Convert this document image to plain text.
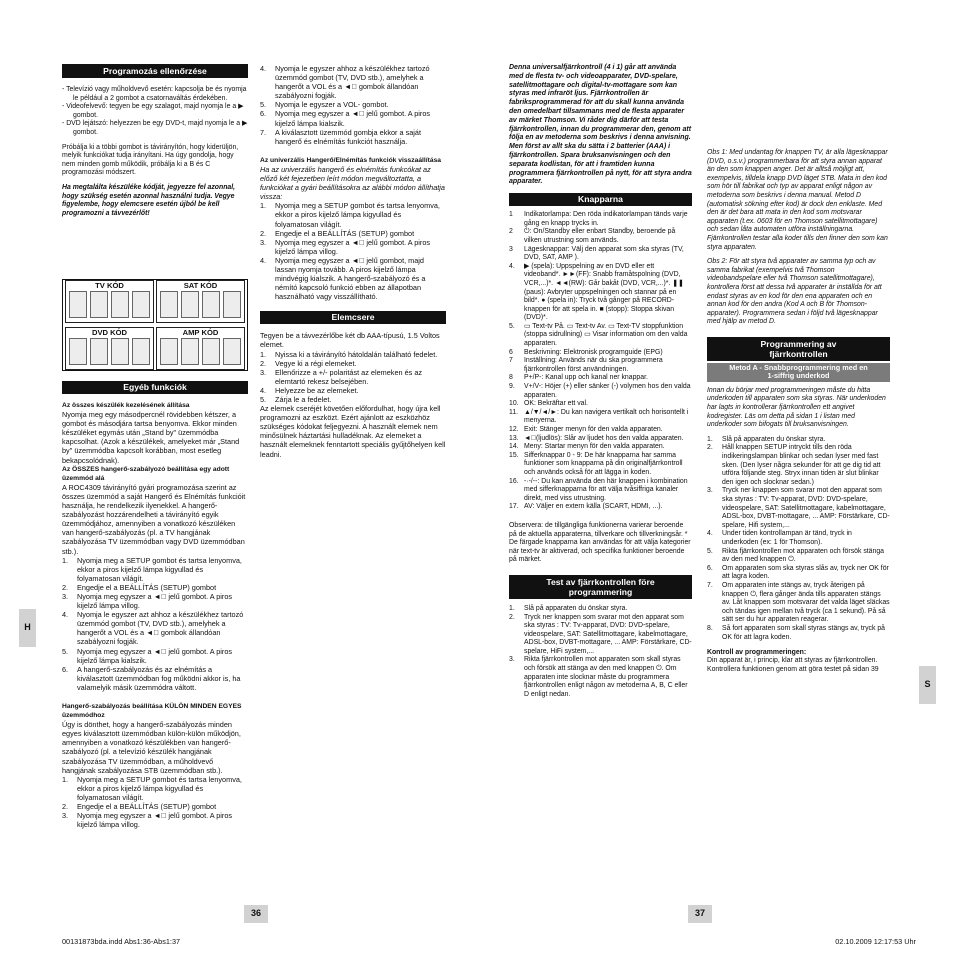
Programozás ellenőrzése

- Televízió vagy műholdvevő esetén: kapcsolja be és nyomja le például a 2 gombot a csatornaváltás érdekében.

- Videofelvevő: tegyen be egy szalagot, majd nyomja le a ▶ gombot.

- DVD lejátszó: helyezzen be egy DVD-t, majd nyomja le a ▶ gombot.

Próbálja ki a többi gombot is távirányítón, hogy kiderüljön, melyik funkciókat tudja irányítani. Ha úgy gondolja, hogy nem minden gomb működik, próbálja ki a B és C programozási módszert.

Ha megtalálta készüléke kódját, jegyezze fel azonnal, hogy szükség esetén azonnal használni tudja. Vegye figyelembe, hogy elemcsere esetén újból be kell programozni a távvezérlőt!

TV KÓD	SAT KÓD
DVD KÓD	AMP KÓD
Egyéb funkciók

Az összes készülék kezelésének állítása

Nyomja meg egy másodpercnél rövidebben kétszer, a gombot és másodjára tartsa benyomva. Ekkor minden készüléket egymás után „Stand by" üzemmódba kapcsolhat. (Azok a készülékek, amelyeket már „Stand by" üzemmódba kapcsolt korábban, most esetleg bekapcsolódnak).

Az ÖSSZES hangerő-szabályozó beállítása egy adott üzemmód alá

A ROC4309 távirányító gyári programozása szerint az összes üzemmód a saját Hangerő és Elnémítás funkcióit használja, he rendelkezik ilyenekkel. A hangerő-szabályozást hozzárendelheti a távirányító egyik üzemmódjához, amennyiben a vonatkozó készüléken van hangerő-szabályozás (pl. a TV hangjának szabályozása TV üzemmódban vagy DVD üzemmódban stb.).

1.	Nyomja meg a SETUP gombot és tartsa lenyomva, ekkor a piros kijelző lámpa kigyullad és folyamatosan világít.
2.	Engedje el a BEÁLLÍTÁS (SETUP) gombot
3.	Nyomja meg egyszer a ◄⃞ jelű gombot. A piros kijelző lámpa villog.
4.	Nyomja le egyszer azt ahhoz a készülékhez tartozó üzemmód gombot (TV, DVD stb.), amelyhek a hangerőt a VOL és a ◄⃞ gombok állandóan szabályozni fogják.
5.	Nyomja meg egyszer a ◄⃞ jelű gombot. A piros kijelző lámpa kialszik.
6.	A hangerő-szabályozás és az elnémítás a kiválasztott üzemmódban fog működni akkor is, ha valamelyik másik üzemmódra váltott.

Hangerő-szabályozás beállítása KÜLÖN MINDEN EGYES üzemmódhoz

Úgy is dönthet, hogy a hangerő-szabályozás minden egyes kiválasztott üzemmódban külön-külön működjön, amennyiben a vonatkozó készülékben van hangerő-szabályozó (pl. a televízió készülék hangjának szabályozása TV üzemmódban, a műholdvevő hangjának szabályozása STB üzemmódban stb.).

1.	Nyomja meg a SETUP gombot és tartsa lenyomva, ekkor a piros kijelző lámpa kigyullad és folyamatosan világít.
2.	Engedje el a BEÁLLÍTÁS (SETUP) gombot
3.	Nyomja meg egyszer a ◄⃞ jelű gombot. A piros kijelző lámpa villog.
4.	Nyomja le egyszer ahhoz a készülékhez tartozó üzemmód gombot (TV, DVD stb.), amelyhek a hangerőt a VOL és a ◄⃞ gombok állandóan szabályozni fogják.
5.	Nyomja le egyszer a VOL- gombot.
6.	Nyomja meg egyszer a ◄⃞ jelű gombot. A piros kijelző lámpa kialszik.
7.	A kiválasztott üzemmód gombja ekkor a saját hangerő és elnémítás funkciót használja.

Az univerzális Hangerő/Elnémítás funkciók visszaállítása

Ha az univerzális hangerő és elnémítás funkcókat az előző két fejezetben leírt módon megváltoztatta, a funkciókat a gyári beállításokra az alábbi módon állíthatja vissza:

1.	Nyomja meg a SETUP gombot és tartsa lenyomva, ekkor a piros kijelző lámpa kigyullad és folyamatosan világít.
2.	Engedje el a BEÁLLÍTÁS (SETUP) gombot
3.	Nyomja meg egyszer a ◄⃞ jelű gombot. A piros kijelző lámpa villog.
4.	Nyomja meg egyszer a ◄⃞ jelű gombot, majd lassan nyomja tovább. A piros kijelző lámpa mindvégig kialszik. A hangerő-szabályozó és a némító kapcsoló funkció ebben az állapotban használható vagy visszállítható.
Elemcsere

Tegyen be a távvezérlőbe két db AAA-típusú, 1.5 Voltos elemet.

1.	Nyissa ki a távirányító hátoldalán található fedelet.
2.	Vegye ki a régi elemeket.
3.	Ellenőrizze a +/- polaritást az elemeken és az elemtartó rekesz belsejében.
4.	Helyezze be az elemeket.
5.	Zárja le a fedelet.

Az elemek cseréjét követően előfordulhat, hogy újra kell programozni az eszközt. Ezért ajánlott az eszközhöz szükséges kódokat feljegyezni. A használt elemek nem minősülnek háztartási hulladéknak. Az elemeket a használt elemeknek fenntartott speciális gyűjtőhelyen kell leadni.

Denna universalfjärrkontroll (4 i 1) går att använda med de flesta tv- och videoapparater, DVD-spelare, satellitmottagare och digital-tv-mottagare som kan styras med infraröt ljus. Fjärrkontrollen är fabriksprogrammerad för att du skall kunna använda den omedelbart tillsammans med de flesta apparater av märket Thomson. Vi råder dig därför att testa fjärrkontrollen, innan du programmerar den, genom att följa en av metoderna som beskrivs i denna anvisning. Men först av allt ska du sätta i 2 batterier (AAA) i fjärrkontrollen. Spara bruksanvisningen och den separata kodlistan, för att i framtiden kunna programmera fjärrkontrollen på nytt, för att styra andra apparater.

Knapparna
1	Indikatorlampa: Den röda indikatorlampan tänds varje gång en knapp trycks in.
2	⏻: On/Standby eller enbart Standby, beroende på vilken utrustning som används.
3	Lägesknappar: Välj den apparat som ska styras (TV, DVD, SAT, AMP ).
4.	▶ (spela): Uppspelning av en DVD eller ett videoband*. ►►(FF): Snabb framåtspolning (DVD, VCR,...)*. ◄◄(RW): Går bakåt (DVD, VCR,...)*. ❚❚ (paus): Avbryter uppspelningen och stannar på en bild*. ● (spela in): Tryck två gånger på RECORD-knappen för att spela in. ■ (stopp): Stoppa skivan (DVD)*.
5.	▭ Text-tv På. ▭ Text-tv Av. ▭ Text-TV stoppfunktion (stoppa sidrullning) ▭ Visar information om den valda apparaten.
6	Beskrivning: Elektronisk programguide (EPG)
7	Inställning: Används när du ska programmera fjärrkontrollen först användningen.
8	P+/P-: Kanal upp och kanal ner knappar.
9.	V+/V-: Höjer (+) eller sänker (-) volymen hos den valda apparaten.
10. OK: Bekräftar ett val.
11. ▲/▼/◄/►: Du kan navigera vertikalt och horisontellt i menyerna.
12. Exit: Stänger menyn för den valda apparaten.
13. ◄⃞(ljudlös): Slår av ljudet hos den valda apparaten.
14. Meny: Startar menyn för den valda apparaten.
15. Sifferknappar 0 - 9: De här knapparna har samma funktioner som knapparna på din originalfjärrkontroll och används också för att lägga in koden.
16. -·-/--: Du kan använda den här knappen i kombination med sifferknapparna för att välja tvåsiffriga kanaler direkt, med viss utrustning.
17. AV: Väljer en extern källa (SCART, HDMI, ...).

Observera: de tillgängliga funktionerna varierar beroende på de aktuella apparaterna, tillverkare och tillverkningsår. * De färgade knapparna kan användas för att välja kategorier när text-tv är aktiverad, och specifika funktioner beroende på märket.

Test av fjärrkontrollen före programmering
1.	Slå på apparaten du önskar styra.
2.	Tryck ner knappen som svarar mot den apparat som ska styras : TV: Tv-apparat, DVD: DVD-spelare, videospelare, SAT: Satellitmottagare, kabelmottagare, ADSL-box, DVBT-mottagare, ... AMP: Förstärkare, CD-spelare, HiFi system,...
3.	Rikta fjärrkontrollen mot apparaten som skall styras och försök att stänga av den med knappen ⏻. Om apparaten inte slocknar måste du programmera fjärrkontrollen enligt någon av metoderna A, B, C eller D enligt nedan.

Obs 1: Med undantag för knappen TV, är alla lägesknappar (DVD, o.s.v.) programmerbara för att styra annan apparat än den som knappen anger. Det är alltså möjligt att, exempelvis, tilldela knapp DVD läget STB. Mata in den kod som hör till fabrikat och typ av apparat enligt någon av metoderna som beskrivs i denna manual. Metod D (automatisk sökning efter kod) är dock den enklaste. Med den är det bara att mata in den kod som motsvarar apparaten (t.ex. 0603 för en Thomson satellitmottagare) och sedan låta automaten utföra inställningarna. Fjärrkontrollen testar alla koder tills den finner den som kan styra apparaten.

Obs 2: För att styra två apparater av samma typ och av samma fabrikat (exempelvis två Thomson videobandspelare eller två Thomson satellitmottagare), kontrollera först att dessa två apparater är inställda för att endast styras av en kod för den ena apparaten och en annan kod för den andra (Kod A och B för Thomson-apparater). Programmera sedan i följd två lägesknappar med hjälp av metod D.

Programmering av fjärrkontrollen
Metod A - Snabbprogrammering med en 1-siffrig underkod

Innan du börjar med programmeringen måste du hitta underkoden till apparaten som ska styras. När underkoden har lagts in kontrollerar fjärrkontrollen ett angivet kodregister. Läs om detta på sidan 1 i listan med underkoder som bifogats till bruksanvisningen.

1.	Slå på apparaten du önskar styra.
2.	Håll knappen SETUP intryckt tills den röda indikeringslampan blinkar och sedan lyser med fast sken. (Den lyser några sekunder för att ge dig tid att utföra följande steg. Stryx innan tiden är slut blinkar den igen och slocknar sedan.)
3.	Tryck ner knappen som svarar mot den apparat som ska styras : TV: Tv-apparat, DVD: DVD-spelare, videospelare, SAT: Satellitmottagare, kabelmottagare, ADSL-box, DVBT-mottagare, ... AMP: Förstärkare, CD-spelare, Hifi system,...
4.	Under tiden kontrollampan är tänd, tryck in underkoden (ex: 1 för Thomson).
5.	Rikta fjärrkontrollen mot apparaten och försök stänga av den med knappen ⏻.
6.	Om apparaten som ska styras slås av, tryck ner OK för att lagra koden.
7.	Om apparaten inte stängs av, tryck återigen på knappen ⏻, flera gånger ända tills apparaten stängs av. Låt knappen som motsvarar det valda läget släckas och tändas igen mellan två tryck (ca 1 sekund). På så sätt ser du hur apparaten reagerar.
8.	Så fort apparaten som skall styras stängs av, tryck på OK för att lagra koden.

Kontroll av programmeringen:

Din apparat är, i princip, klar att styras av fjärrkontrollen. Kontrollera funktionen genom att göra testet på sidan 39

H
S
36	37
00131873bda.indd Abs1:36-Abs1:37	02.10.2009 12:17:53 Uhr
